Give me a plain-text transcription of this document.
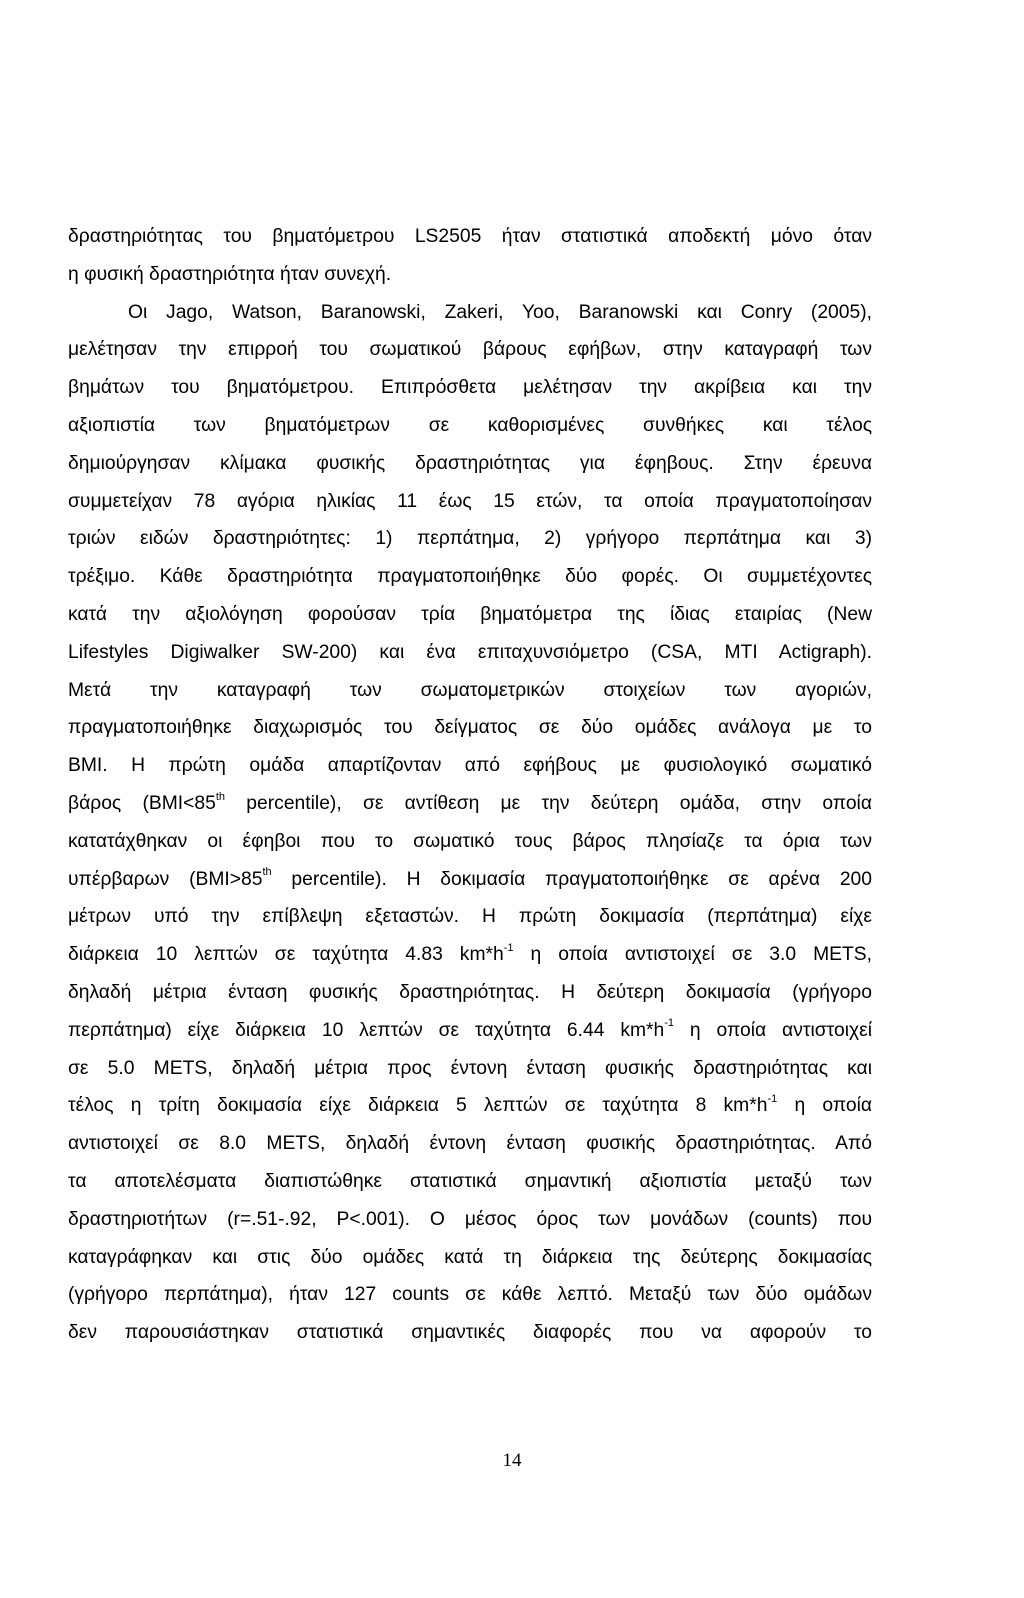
δραστηριότητας του βηματόμετρου LS2505 ήταν στατιστικά αποδεκτή μόνο όταν
η φυσική δραστηριότητα ήταν συνεχή.
Οι Jago, Watson, Baranowski, Zakeri, Yoo, Baranowski και Conry (2005),
μελέτησαν την επιρροή του σωματικού βάρους εφήβων, στην καταγραφή των
βημάτων του βηματόμετρου. Επιπρόσθετα μελέτησαν την ακρίβεια και την
αξιοπιστία των βηματόμετρων σε καθορισμένες συνθήκες και τέλος
δημιούργησαν κλίμακα φυσικής δραστηριότητας για έφηβους. Στην έρευνα
συμμετείχαν 78 αγόρια ηλικίας 11 έως 15 ετών, τα οποία πραγματοποίησαν
τριών ειδών δραστηριότητες: 1) περπάτημα, 2) γρήγορο περπάτημα και 3)
τρέξιμο. Κάθε δραστηριότητα πραγματοποιήθηκε δύο φορές. Οι συμμετέχοντες
κατά την αξιολόγηση φορούσαν τρία βηματόμετρα της ίδιας εταιρίας (New
Lifestyles Digiwalker SW-200) και ένα επιταχυνσιόμετρο (CSA, MTI Actigraph).
Μετά την καταγραφή των σωματομετρικών στοιχείων των αγοριών,
πραγματοποιήθηκε διαχωρισμός του δείγματος σε δύο ομάδες ανάλογα με το
BMI. Η πρώτη ομάδα απαρτίζονταν από εφήβους με φυσιολογικό σωματικό
βάρος (BMI<85th percentile), σε αντίθεση με την δεύτερη ομάδα, στην οποία
κατατάχθηκαν οι έφηβοι που το σωματικό τους βάρος πλησίαζε τα όρια των
υπέρβαρων (BMI>85th percentile). Η δοκιμασία πραγματοποιήθηκε σε αρένα 200
μέτρων υπό την επίβλεψη εξεταστών. Η πρώτη δοκιμασία (περπάτημα) είχε
διάρκεια 10 λεπτών σε ταχύτητα 4.83 $km*h^{-1}$ η οποία αντιστοιχεί σε 3.0 METS,
δηλαδή μέτρια ένταση φυσικής δραστηριότητας. Η δεύτερη δοκιμασία (γρήγορο
περπάτημα) είχε διάρκεια 10 λεπτών σε ταχύτητα 6.44 $km*h^{-1}$ η οποία αντιστοιχεί
σε 5.0 METS, δηλαδή μέτρια προς έντονη ένταση φυσικής δραστηριότητας και
τέλος η τρίτη δοκιμασία είχε διάρκεια 5 λεπτών σε ταχύτητα 8 $km*h^{-1}$ η οποία
αντιστοιχεί σε 8.0 METS, δηλαδή έντονη ένταση φυσικής δραστηριότητας. Από
τα αποτελέσματα διαπιστώθηκε στατιστικά σημαντική αξιοπιστία μεταξύ των
δραστηριοτήτων (r=.51-.92, P<.001). Ο μέσος όρος των μονάδων (counts) που
καταγράφηκαν και στις δύο ομάδες κατά τη διάρκεια της δεύτερης δοκιμασίας
(γρήγορο περπάτημα), ήταν 127 counts σε κάθε λεπτό. Μεταξύ των δύο ομάδων
δεν παρουσιάστηκαν στατιστικά σημαντικές διαφορές που να αφορούν το
14
